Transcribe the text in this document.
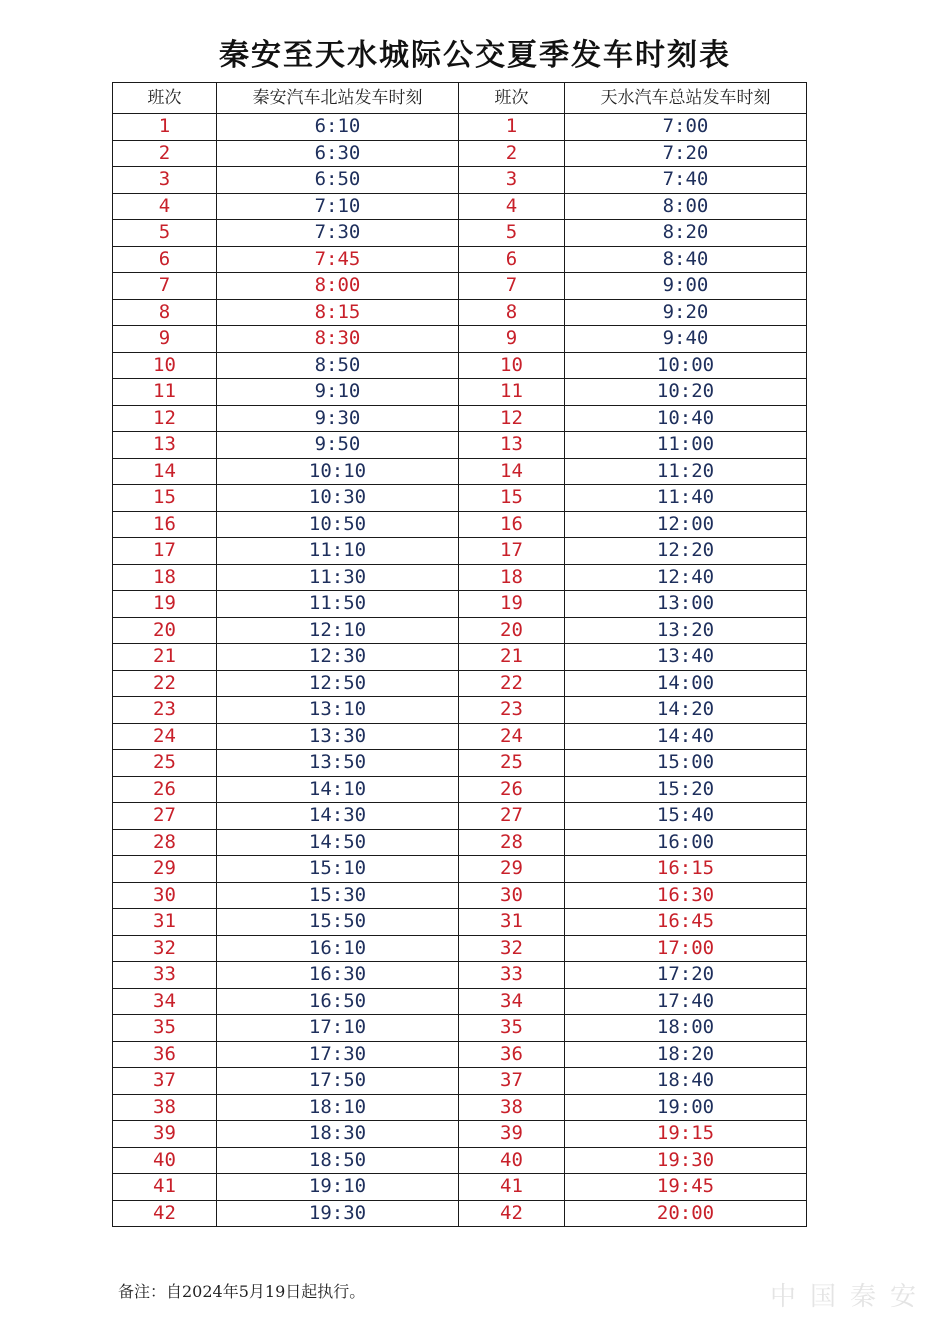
秦安至天水城际公交夏季发车时刻表
班次	秦安汽车北站发车时刻	班次	天水汽车总站发车时刻
1	6:10	1	7:00
2	6:30	2	7:20
3	6:50	3	7:40
4	7:10	4	8:00
5	7:30	5	8:20
6	7:45	6	8:40
7	8:00	7	9:00
8	8:15	8	9:20
9	8:30	9	9:40
10	8:50	10	10:00
11	9:10	11	10:20
12	9:30	12	10:40
13	9:50	13	11:00
14	10:10	14	11:20
15	10:30	15	11:40
16	10:50	16	12:00
17	11:10	17	12:20
18	11:30	18	12:40
19	11:50	19	13:00
20	12:10	20	13:20
21	12:30	21	13:40
22	12:50	22	14:00
23	13:10	23	14:20
24	13:30	24	14:40
25	13:50	25	15:00
26	14:10	26	15:20
27	14:30	27	15:40
28	14:50	28	16:00
29	15:10	29	16:15
30	15:30	30	16:30
31	15:50	31	16:45
32	16:10	32	17:00
33	16:30	33	17:20
34	16:50	34	17:40
35	17:10	35	18:00
36	17:30	36	18:20
37	17:50	37	18:40
38	18:10	38	19:00
39	18:30	39	19:15
40	18:50	40	19:30
41	19:10	41	19:45
42	19:30	42	20:00
备注：自2024年5月19日起执行。	中国秦安
